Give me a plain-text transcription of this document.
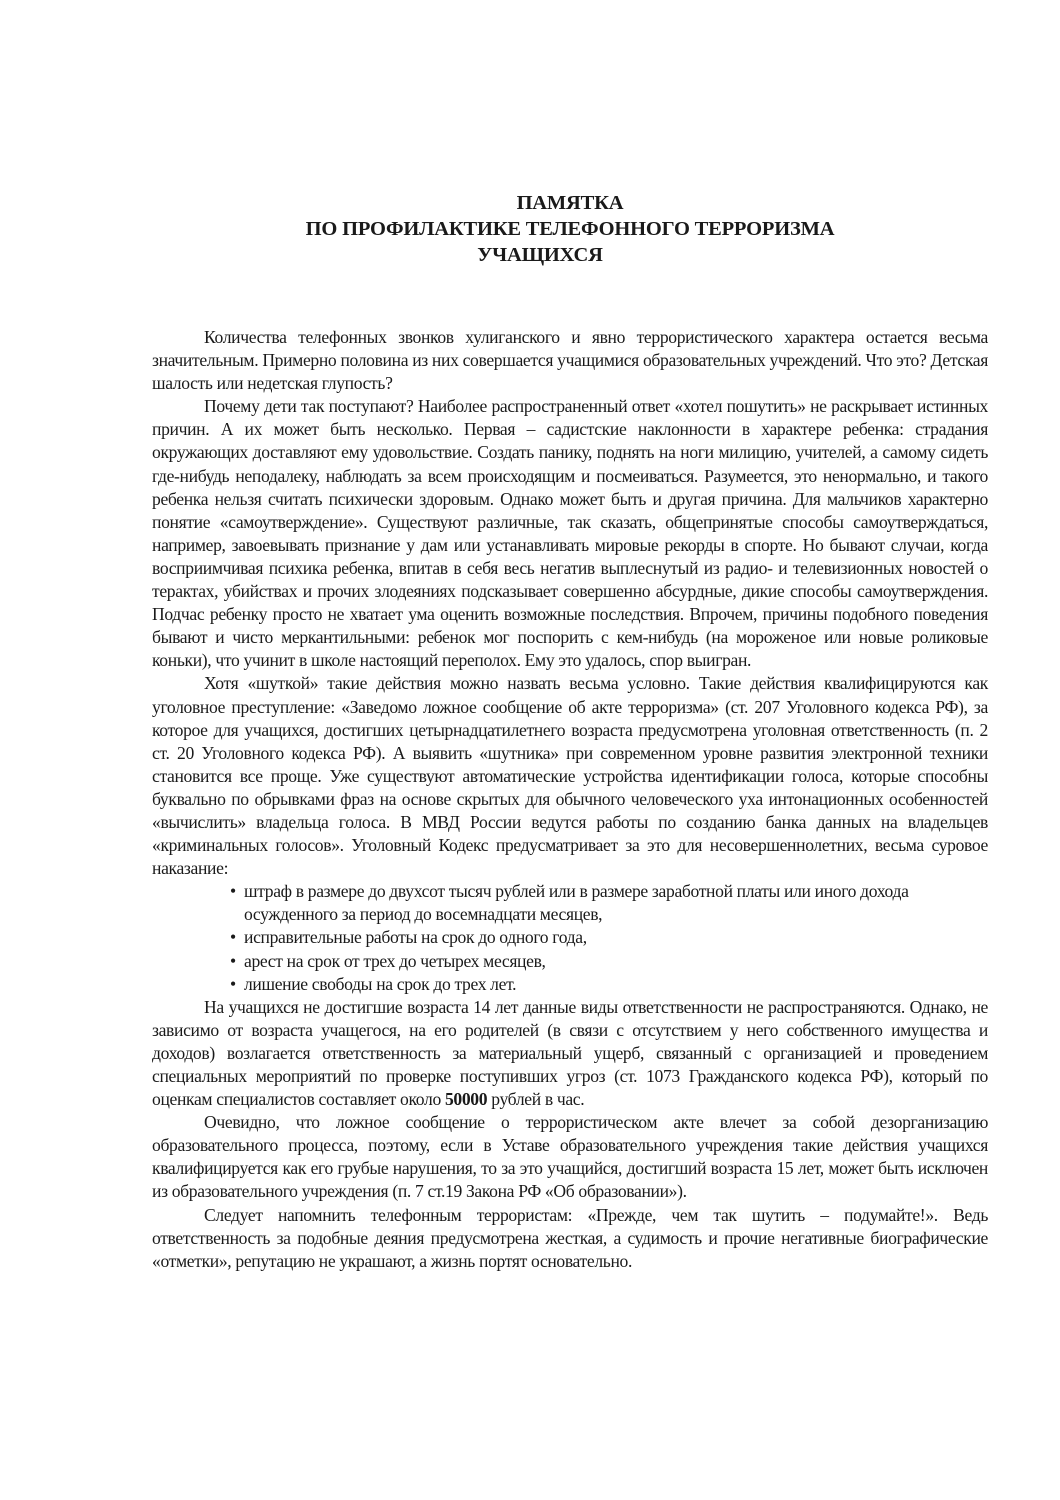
ПАМЯТКА
ПО ПРОФИЛАКТИКЕ ТЕЛЕФОННОГО ТЕРРОРИЗМА
УЧАЩИХСЯ

Количества телефонных звонков хулиганского и явно террористического характера остается весьма значительным. Примерно половина из них совершается учащимися образовательных учреждений. Что это? Детская шалость или недетская глупость?

Почему дети так поступают? Наиболее распространенный ответ «хотел пошутить» не раскрывает истинных причин. А их может быть несколько. Первая – садистские наклонности в характере ребенка: страдания окружающих доставляют ему удовольствие. Создать панику, поднять на ноги милицию, учителей, а самому сидеть где-нибудь неподалеку, наблюдать за всем происходящим и посмеиваться. Разумеется, это ненормально, и такого ребенка нельзя считать психически здоровым. Однако может быть и другая причина. Для мальчиков характерно понятие «самоутверждение». Существуют различные, так сказать, общепринятые способы самоутверждаться, например, завоевывать признание у дам или устанавливать мировые рекорды в спорте. Но бывают случаи, когда восприимчивая психика ребенка, впитав в себя весь негатив выплеснутый из радио- и телевизионных новостей о терактах, убийствах и прочих злодеяниях подсказывает совершенно абсурдные, дикие способы самоутверждения. Подчас ребенку просто не хватает ума оценить возможные последствия. Впрочем, причины подобного поведения бывают и чисто меркантильными: ребенок мог поспорить с кем-нибудь (на мороженое или новые роликовые коньки), что учинит в школе настоящий переполох. Ему это удалось, спор выигран.

Хотя «шуткой» такие действия можно назвать весьма условно. Такие действия квалифицируются как уголовное преступление: «Заведомо ложное сообщение об акте терроризма» (ст. 207 Уголовного кодекса РФ), за которое для учащихся, достигших цетырнадцатилетнего возраста предусмотрена уголовная ответственность (п. 2 ст. 20 Уголовного кодекса РФ). А выявить «шутника» при современном уровне развития электронной техники становится все проще. Уже существуют автоматические устройства идентификации голоса, которые способны буквально по обрывками фраз на основе скрытых для обычного человеческого уха интонационных особенностей «вычислить» владельца голоса. В МВД России ведутся работы по созданию банка данных на владельцев «криминальных голосов». Уголовный Кодекс предусматривает за это для несовершеннолетних, весьма суровое наказание:

• штраф в размере до двухсот тысяч рублей или в размере заработной платы или иного дохода осужденного за период до восемнадцати месяцев,
• исправительные работы на срок до одного года,
• арест на срок от трех до четырех месяцев,
• лишение свободы на срок до трех лет.

На учащихся не достигшие возраста 14 лет данные виды ответственности не распространяются. Однако, не зависимо от возраста учащегося, на его родителей (в связи с отсутствием у него собственного имущества и доходов) возлагается ответственность за материальный ущерб, связанный с организацией и проведением специальных мероприятий по проверке поступивших угроз (ст. 1073 Гражданского кодекса РФ), который по оценкам специалистов составляет около 50000 рублей в час.

Очевидно, что ложное сообщение о террористическом акте влечет за собой дезорганизацию образовательного процесса, поэтому, если в Уставе образовательного учреждения такие действия учащихся квалифицируется как его грубые нарушения, то за это учащийся, достигший возраста 15 лет, может быть исключен из образовательного учреждения (п. 7 ст.19 Закона РФ «Об образовании»).

Следует напомнить телефонным террористам: «Прежде, чем так шутить – подумайте!». Ведь ответственность за подобные деяния предусмотрена жесткая, а судимость и прочие негативные биографические «отметки», репутацию не украшают, а жизнь портят основательно.
